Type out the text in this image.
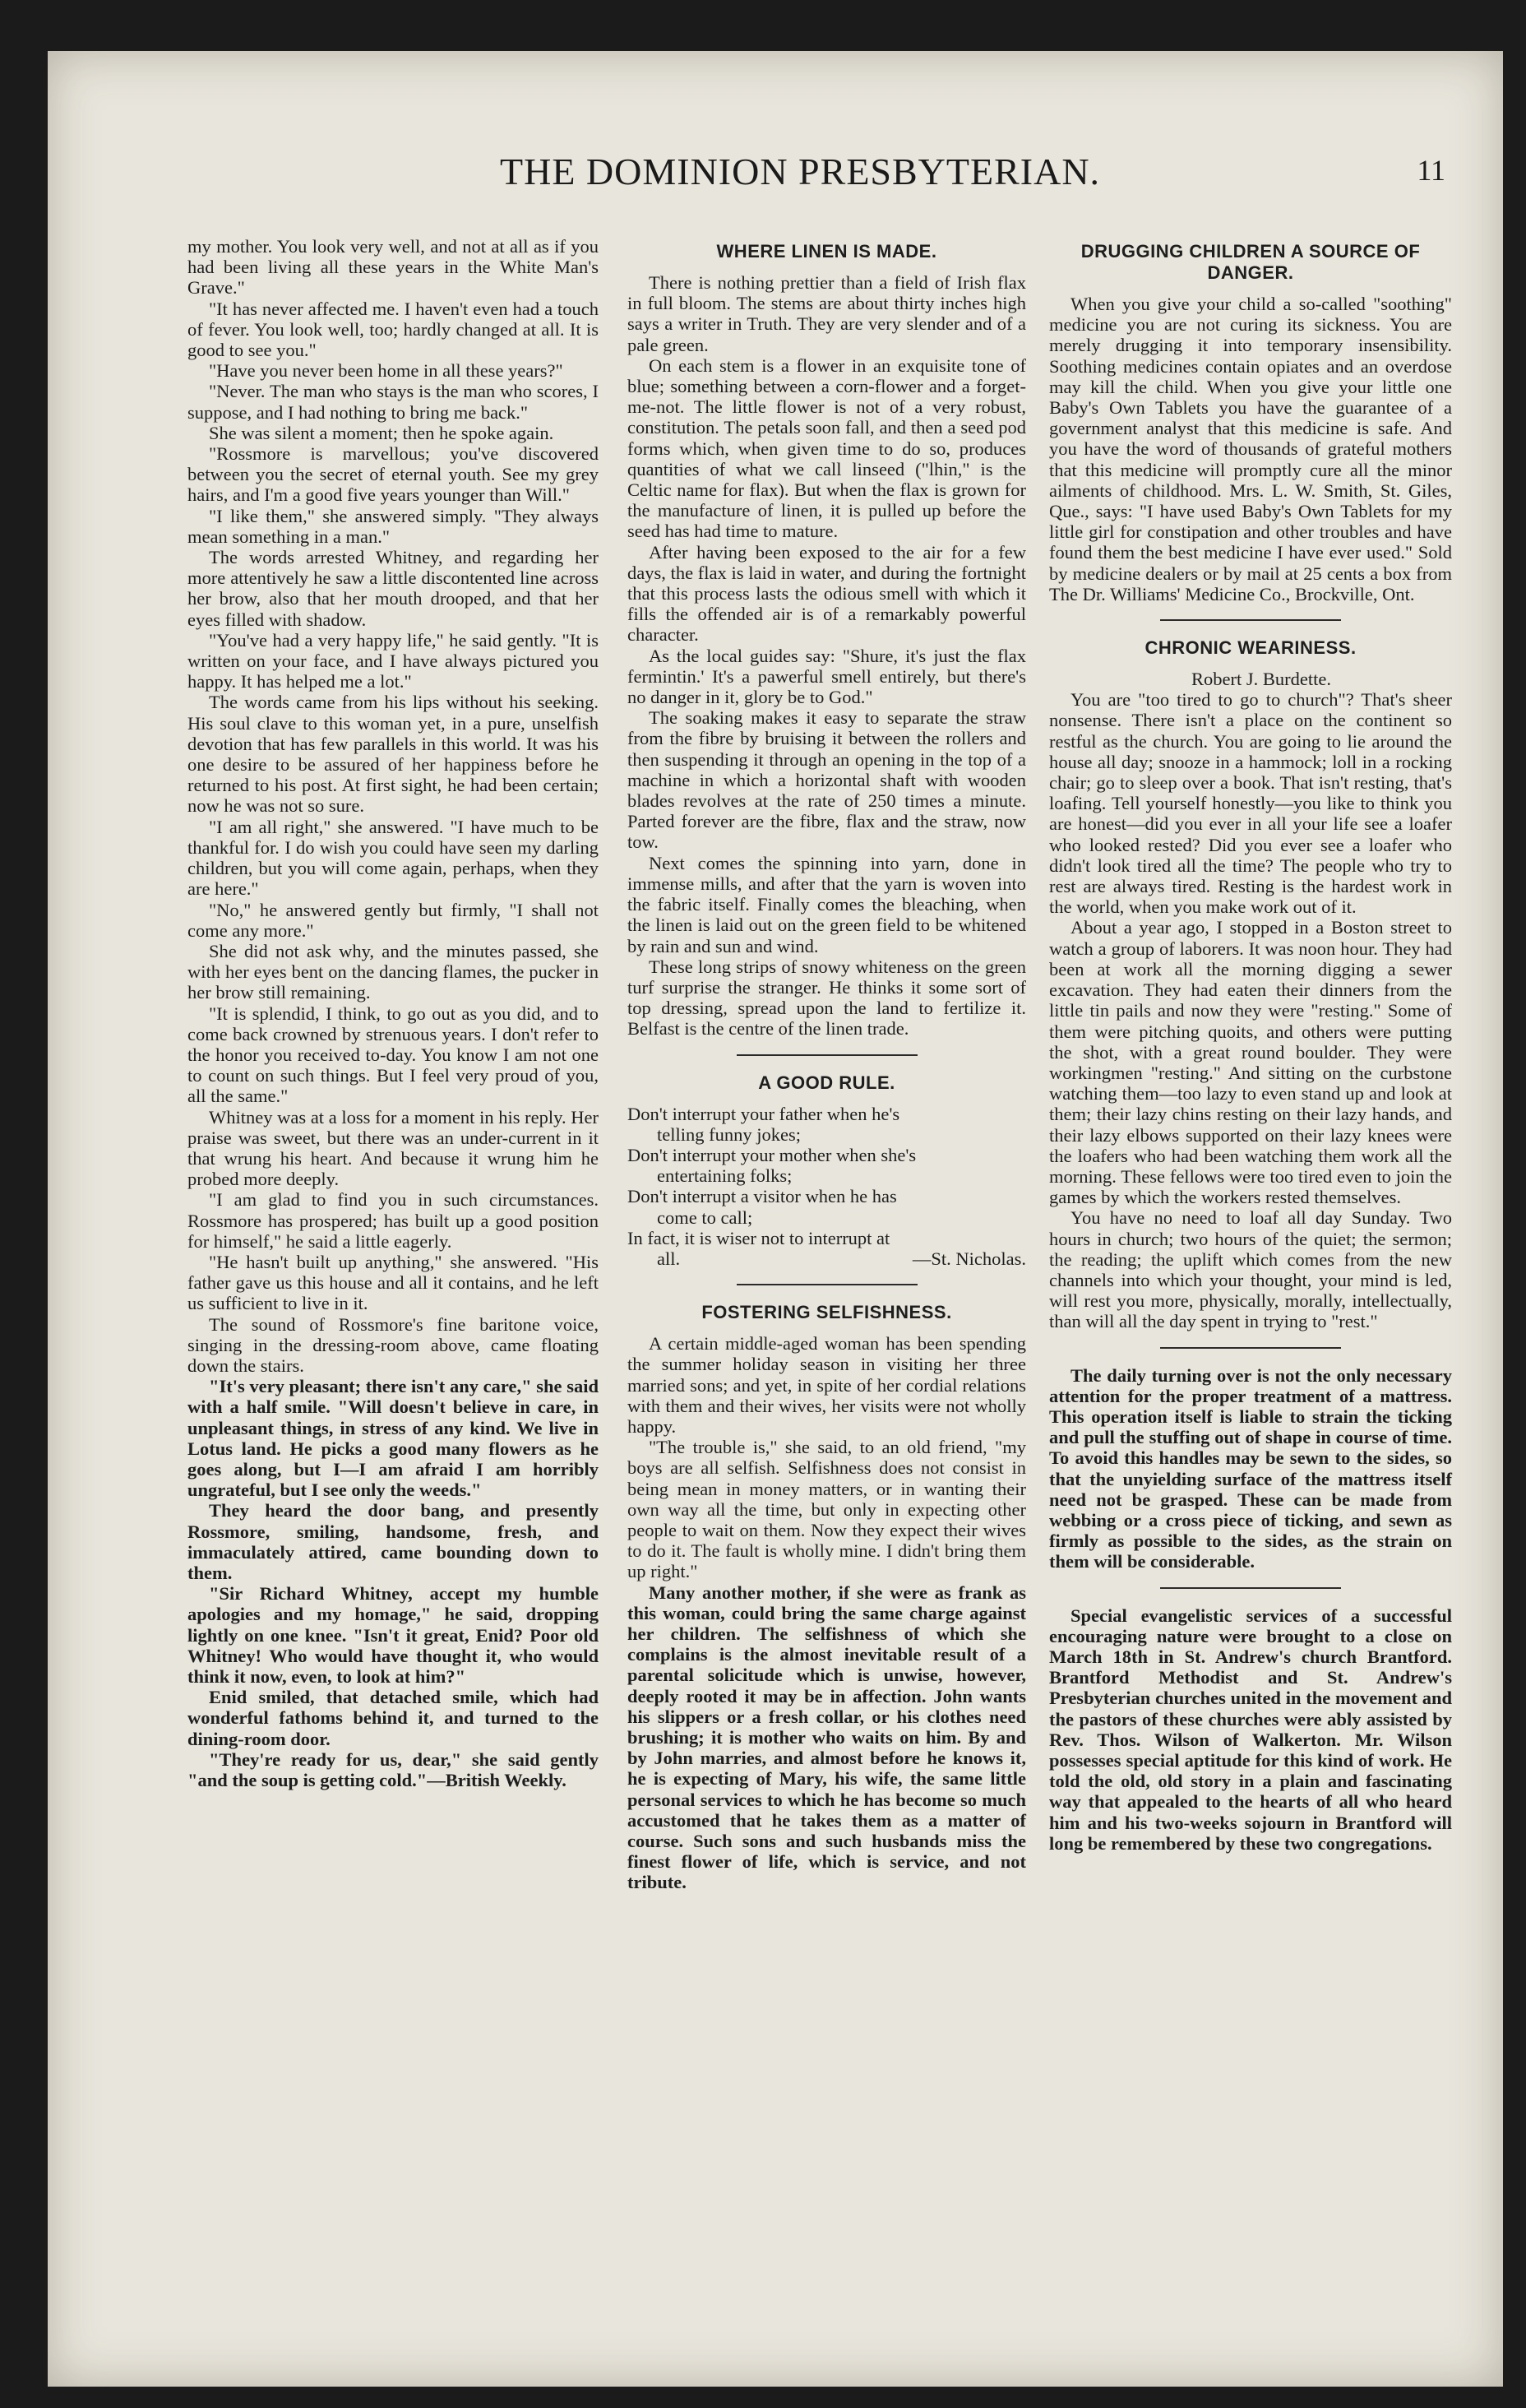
THE DOMINION PRESBYTERIAN.	11

my mother. You look very well, and not at all as if you had been living all these years in the White Man's Grave."

"It has never affected me. I haven't even had a touch of fever. You look well, too; hardly changed at all. It is good to see you."

"Have you never been home in all these years?"

"Never. The man who stays is the man who scores, I suppose, and I had nothing to bring me back."

She was silent a moment; then he spoke again.

"Rossmore is marvellous; you've discovered between you the secret of eternal youth. See my grey hairs, and I'm a good five years younger than Will."

"I like them," she answered simply. "They always mean something in a man."

The words arrested Whitney, and regarding her more attentively he saw a little discontented line across her brow, also that her mouth drooped, and that her eyes filled with shadow.

"You've had a very happy life," he said gently. "It is written on your face, and I have always pictured you happy. It has helped me a lot."

The words came from his lips without his seeking. His soul clave to this woman yet, in a pure, unselfish devotion that has few parallels in this world. It was his one desire to be assured of her happiness before he returned to his post. At first sight, he had been certain; now he was not so sure.

"I am all right," she answered. "I have much to be thankful for. I do wish you could have seen my darling children, but you will come again, perhaps, when they are here."

"No," he answered gently but firmly, "I shall not come any more."

She did not ask why, and the minutes passed, she with her eyes bent on the dancing flames, the pucker in her brow still remaining.

"It is splendid, I think, to go out as you did, and to come back crowned by strenuous years. I don't refer to the honor you received to-day. You know I am not one to count on such things. But I feel very proud of you, all the same."

Whitney was at a loss for a moment in his reply. Her praise was sweet, but there was an under-current in it that wrung his heart. And because it wrung him he probed more deeply.

"I am glad to find you in such circumstances. Rossmore has prospered; has built up a good position for himself," he said a little eagerly.

"He hasn't built up anything," she answered. "His father gave us this house and all it contains, and he left us sufficient to live in it.

The sound of Rossmore's fine baritone voice, singing in the dressing-room above, came floating down the stairs.

"It's very pleasant; there isn't any care," she said with a half smile. "Will doesn't believe in care, in unpleasant things, in stress of any kind. We live in Lotus land. He picks a good many flowers as he goes along, but I—I am afraid I am horribly ungrateful, but I see only the weeds."

They heard the door bang, and presently Rossmore, smiling, handsome, fresh, and immaculately attired, came bounding down to them.

"Sir Richard Whitney, accept my humble apologies and my homage," he said, dropping lightly on one knee. "Isn't it great, Enid? Poor old Whitney! Who would have thought it, who would think it now, even, to look at him?"

Enid smiled, that detached smile, which had wonderful fathoms behind it, and turned to the dining-room door.

"They're ready for us, dear," she said gently "and the soup is getting cold."—British Weekly.

WHERE LINEN IS MADE.

There is nothing prettier than a field of Irish flax in full bloom. The stems are about thirty inches high says a writer in Truth. They are very slender and of a pale green.

On each stem is a flower in an exquisite tone of blue; something between a corn-flower and a forget-me-not. The little flower is not of a very robust, constitution. The petals soon fall, and then a seed pod forms which, when given time to do so, produces quantities of what we call linseed ("lhin," is the Celtic name for flax). But when the flax is grown for the manufacture of linen, it is pulled up before the seed has had time to mature.

After having been exposed to the air for a few days, the flax is laid in water, and during the fortnight that this process lasts the odious smell with which it fills the offended air is of a remarkably powerful character.

As the local guides say: "Shure, it's just the flax fermintin.' It's a pawerful smell entirely, but there's no danger in it, glory be to God."

The soaking makes it easy to separate the straw from the fibre by bruising it between the rollers and then suspending it through an opening in the top of a machine in which a horizontal shaft with wooden blades revolves at the rate of 250 times a minute. Parted forever are the fibre, flax and the straw, now tow.

Next comes the spinning into yarn, done in immense mills, and after that the yarn is woven into the fabric itself. Finally comes the bleaching, when the linen is laid out on the green field to be whitened by rain and sun and wind.

These long strips of snowy whiteness on the green turf surprise the stranger. He thinks it some sort of top dressing, spread upon the land to fertilize it. Belfast is the centre of the linen trade.

A GOOD RULE.
Don't interrupt your father when he's
telling funny jokes;
Don't interrupt your mother when she's
entertaining folks;
Don't interrupt a visitor when he has
come to call;
In fact, it is wiser not to interrupt at
all.	—St. Nicholas.
FOSTERING SELFISHNESS.

A certain middle-aged woman has been spending the summer holiday season in visiting her three married sons; and yet, in spite of her cordial relations with them and their wives, her visits were not wholly happy.

"The trouble is," she said, to an old friend, "my boys are all selfish. Selfishness does not consist in being mean in money matters, or in wanting their own way all the time, but only in expecting other people to wait on them. Now they expect their wives to do it. The fault is wholly mine. I didn't bring them up right."

Many another mother, if she were as frank as this woman, could bring the same charge against her children. The selfishness of which she complains is the almost inevitable result of a parental solicitude which is unwise, however, deeply rooted it may be in affection. John wants his slippers or a fresh collar, or his clothes need brushing; it is mother who waits on him. By and by John marries, and almost before he knows it, he is expecting of Mary, his wife, the same little personal services to which he has become so much accustomed that he takes them as a matter of course. Such sons and such husbands miss the finest flower of life, which is service, and not tribute.

DRUGGING CHILDREN A SOURCE OF DANGER.

When you give your child a so-called "soothing" medicine you are not curing its sickness. You are merely drugging it into temporary insensibility. Soothing medicines contain opiates and an overdose may kill the child. When you give your little one Baby's Own Tablets you have the guarantee of a government analyst that this medicine is safe. And you have the word of thousands of grateful mothers that this medicine will promptly cure all the minor ailments of childhood. Mrs. L. W. Smith, St. Giles, Que., says: "I have used Baby's Own Tablets for my little girl for constipation and other troubles and have found them the best medicine I have ever used." Sold by medicine dealers or by mail at 25 cents a box from The Dr. Williams' Medicine Co., Brockville, Ont.

CHRONIC WEARINESS.

Robert J. Burdette.

You are "too tired to go to church"? That's sheer nonsense. There isn't a place on the continent so restful as the church. You are going to lie around the house all day; snooze in a hammock; loll in a rocking chair; go to sleep over a book. That isn't resting, that's loafing. Tell yourself honestly—you like to think you are honest—did you ever in all your life see a loafer who looked rested? Did you ever see a loafer who didn't look tired all the time? The people who try to rest are always tired. Resting is the hardest work in the world, when you make work out of it.

About a year ago, I stopped in a Boston street to watch a group of laborers. It was noon hour. They had been at work all the morning digging a sewer excavation. They had eaten their dinners from the little tin pails and now they were "resting." Some of them were pitching quoits, and others were putting the shot, with a great round boulder. They were workingmen "resting." And sitting on the curbstone watching them—too lazy to even stand up and look at them; their lazy chins resting on their lazy hands, and their lazy elbows supported on their lazy knees were the loafers who had been watching them work all the morning. These fellows were too tired even to join the games by which the workers rested themselves.

You have no need to loaf all day Sunday. Two hours in church; two hours of the quiet; the sermon; the reading; the uplift which comes from the new channels into which your thought, your mind is led, will rest you more, physically, morally, intellectually, than will all the day spent in trying to "rest."

The daily turning over is not the only necessary attention for the proper treatment of a mattress. This operation itself is liable to strain the ticking and pull the stuffing out of shape in course of time. To avoid this handles may be sewn to the sides, so that the unyielding surface of the mattress itself need not be grasped. These can be made from webbing or a cross piece of ticking, and sewn as firmly as possible to the sides, as the strain on them will be considerable.

Special evangelistic services of a successful encouraging nature were brought to a close on March 18th in St. Andrew's church Brantford. Brantford Methodist and St. Andrew's Presbyterian churches united in the movement and the pastors of these churches were ably assisted by Rev. Thos. Wilson of Walkerton. Mr. Wilson possesses special aptitude for this kind of work. He told the old, old story in a plain and fascinating way that appealed to the hearts of all who heard him and his two-weeks sojourn in Brantford will long be remembered by these two congregations.
